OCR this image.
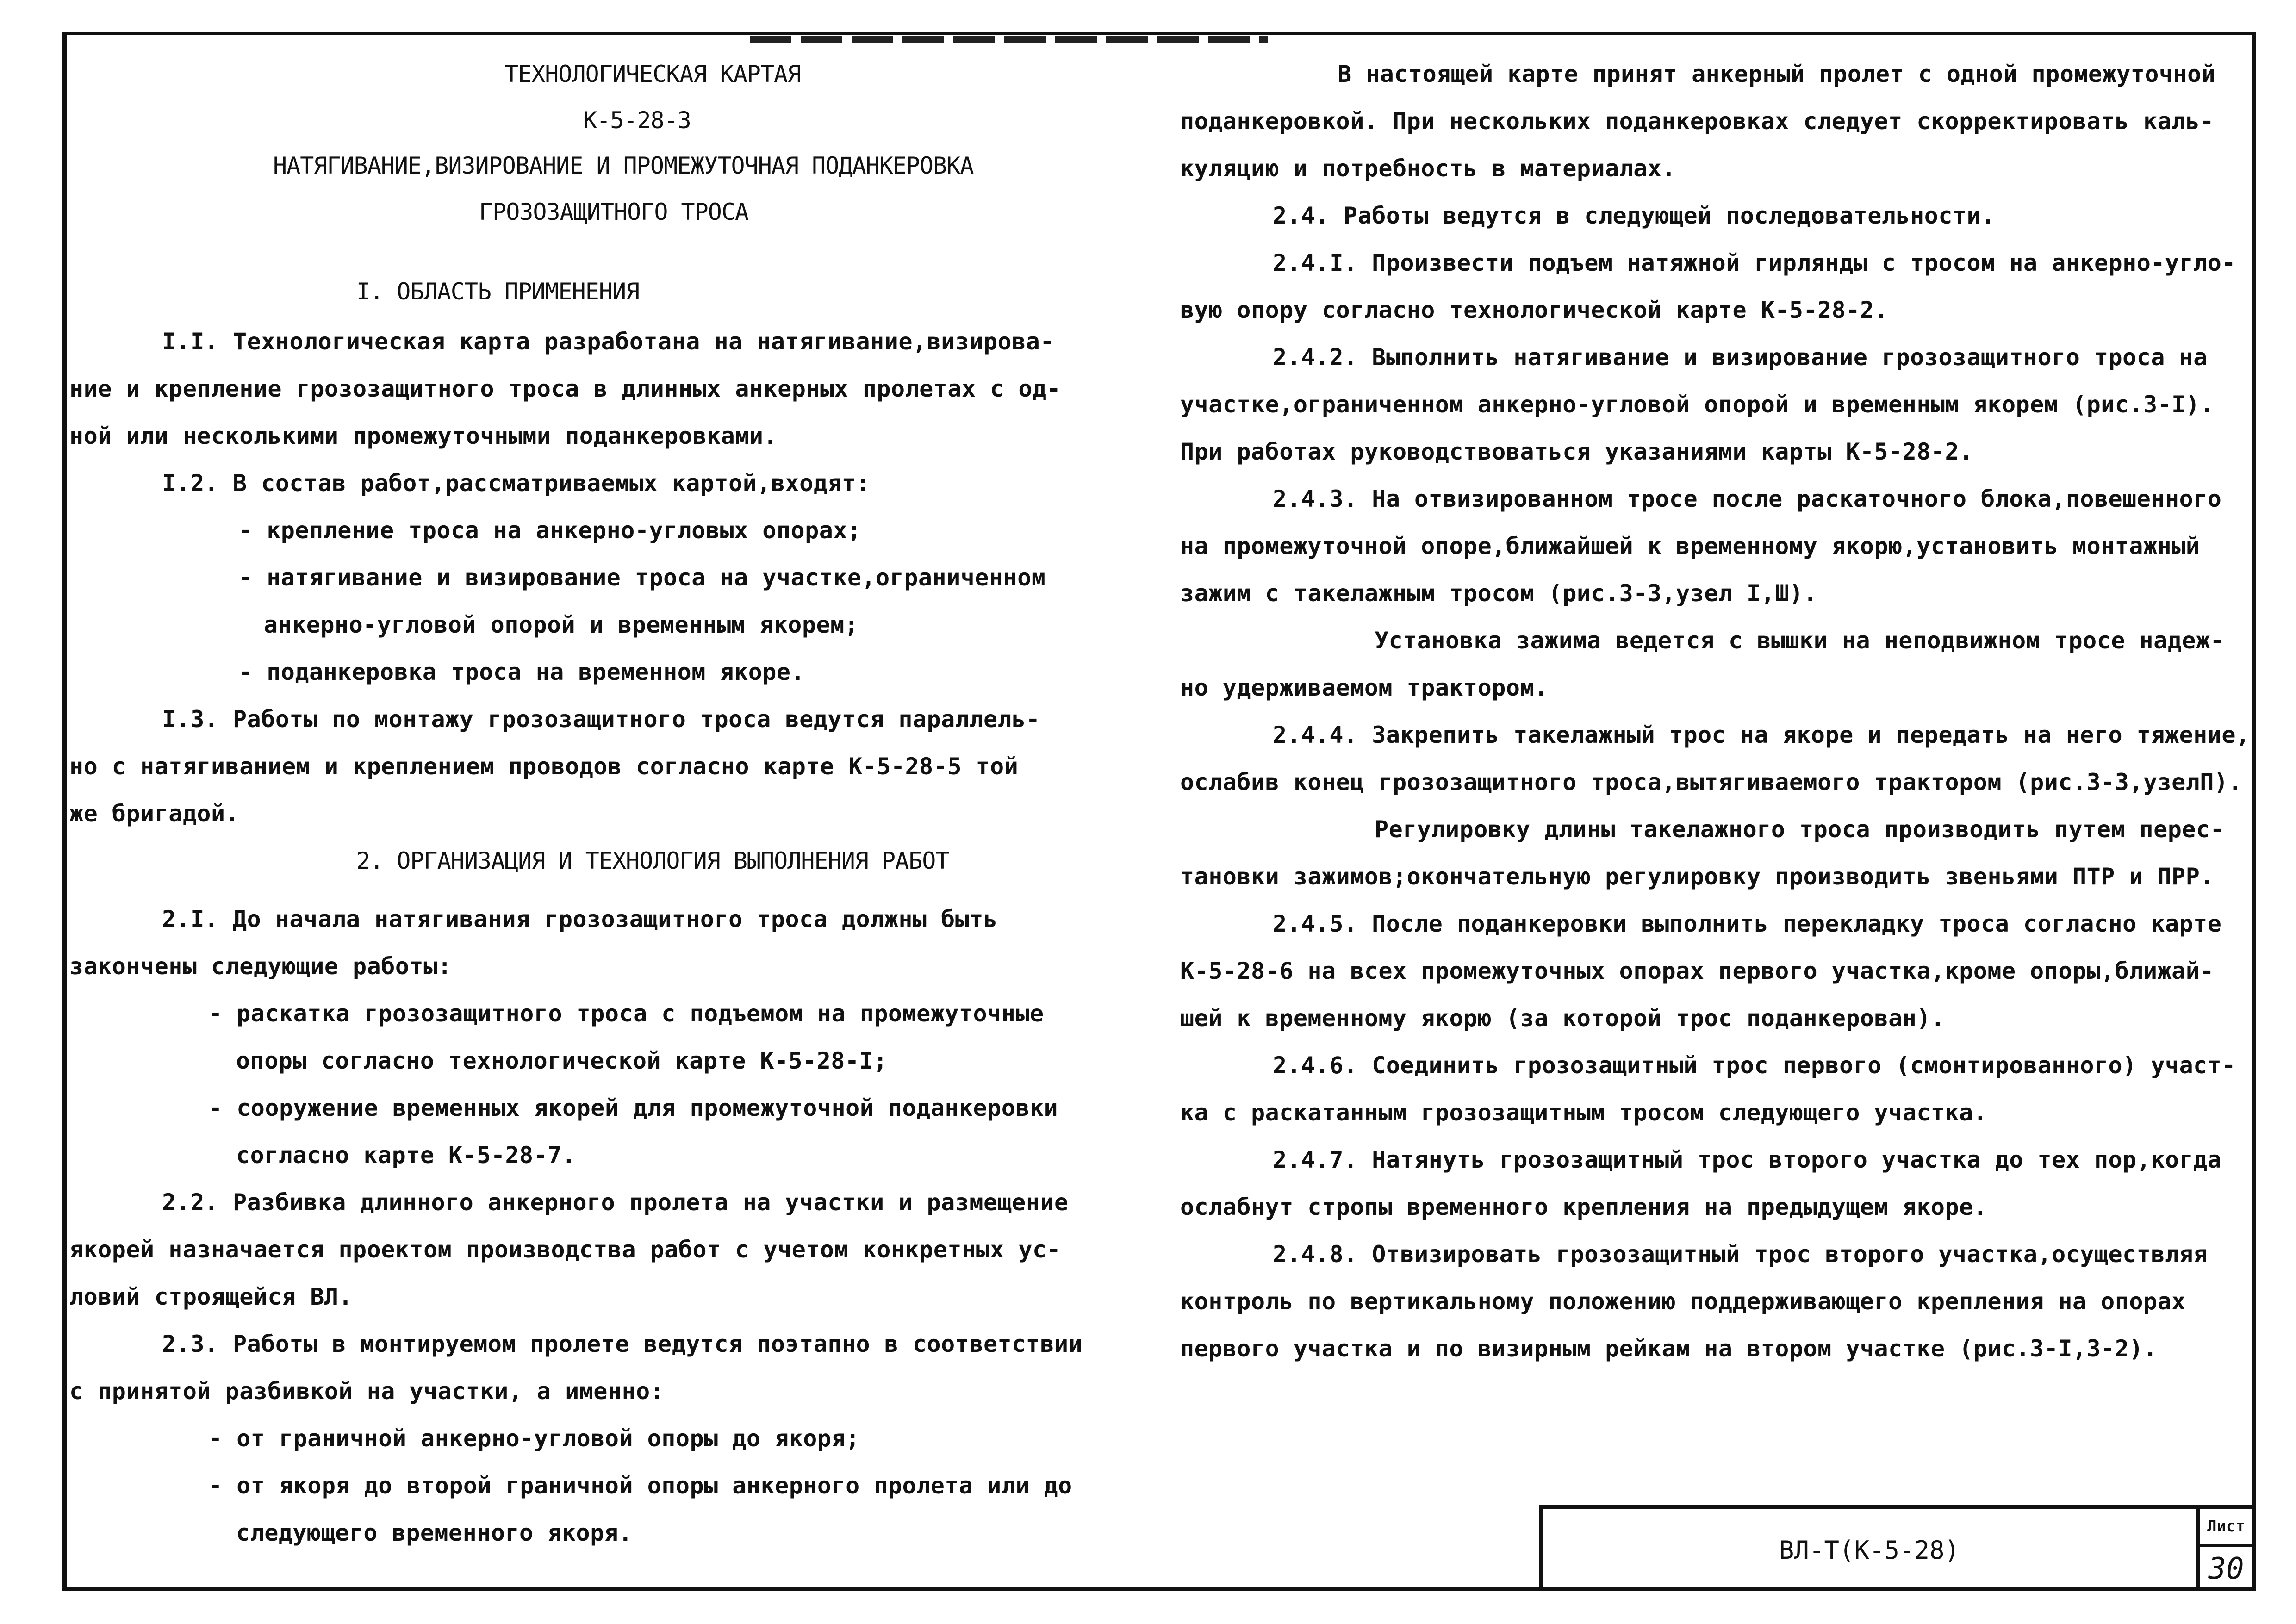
ТЕХНОЛОГИЧЕСКАЯ КАРТАЯ
К-5-28-3
НАТЯГИВАНИЕ,ВИЗИРОВАНИЕ И ПРОМЕЖУТОЧНАЯ ПОДАНКЕРОВКА
ГРОЗОЗАЩИТНОГО ТРОСА
I. ОБЛАСТЬ ПРИМЕНЕНИЯ
I.I. Технологическая карта разработана на натягивание,визирова-
ние и крепление грозозащитного троса в длинных анкерных пролетах с од-
ной или несколькими промежуточными поданкеровками.
I.2. В состав работ,рассматриваемых картой,входят:
- крепление троса на анкерно-угловых опорах;
- натягивание и визирование троса на участке,ограниченном
анкерно-угловой опорой и временным якорем;
- поданкеровка троса на временном якоре.
I.3. Работы по монтажу грозозащитного троса ведутся параллель-
но с натягиванием и креплением проводов согласно карте К-5-28-5 той
же бригадой.
2. ОРГАНИЗАЦИЯ И ТЕХНОЛОГИЯ ВЫПОЛНЕНИЯ РАБОТ
2.I. До начала натягивания грозозащитного троса должны быть
закончены следующие работы:
- раскатка грозозащитного троса с подъемом на промежуточные
опоры согласно технологической карте К-5-28-I;
- сооружение временных якорей для промежуточной поданкеровки
согласно карте К-5-28-7.
2.2. Разбивка длинного анкерного пролета на участки и размещение
якорей назначается проектом производства работ с учетом конкретных ус-
ловий строящейся ВЛ.
2.3. Работы в монтируемом пролете ведутся поэтапно в соответствии
с принятой разбивкой на участки, а именно:
- от граничной анкерно-угловой опоры до якоря;
- от якоря до второй граничной опоры анкерного пролета или до
следующего временного якоря.
В настоящей карте принят анкерный пролет с одной промежуточной
поданкеровкой. При нескольких поданкеровках следует скорректировать каль-
куляцию и потребность в материалах.
2.4. Работы ведутся в следующей последовательности.
2.4.I. Произвести подъем натяжной гирлянды с тросом на анкерно-угло-
вую опору согласно технологической карте К-5-28-2.
2.4.2. Выполнить натягивание и визирование грозозащитного троса на
участке,ограниченном анкерно-угловой опорой и временным якорем (рис.3-I).
При работах руководствоваться указаниями карты К-5-28-2.
2.4.3. На отвизированном тросе после раскаточного блока,повешенного
на промежуточной опоре,ближайшей к временному якорю,установить монтажный
зажим с такелажным тросом (рис.3-3,узел I,Ш).
Установка зажима ведется с вышки на неподвижном тросе надеж-
но удерживаемом трактором.
2.4.4. Закрепить такелажный трос на якоре и передать на него тяжение,
ослабив конец грозозащитного троса,вытягиваемого трактором (рис.3-3,узелП).
Регулировку длины такелажного троса производить путем перес-
тановки зажимов;окончательную регулировку производить звеньями ПТР и ПРР.
2.4.5. После поданкеровки выполнить перекладку троса согласно карте
К-5-28-6 на всех промежуточных опорах первого участка,кроме опоры,ближай-
шей к временному якорю (за которой трос поданкерован).
2.4.6. Соединить грозозащитный трос первого (смонтированного) участ-
ка с раскатанным грозозащитным тросом следующего участка.
2.4.7. Натянуть грозозащитный трос второго участка до тех пор,когда
ослабнут стропы временного крепления на предыдущем якоре.
2.4.8. Отвизировать грозозащитный трос второго участка,осуществляя
контроль по вертикальному положению поддерживающего крепления на опорах
первого участка и по визирным рейкам на втором участке (рис.3-I,3-2).
ВЛ-Т(К-5-28)
Лист
30
